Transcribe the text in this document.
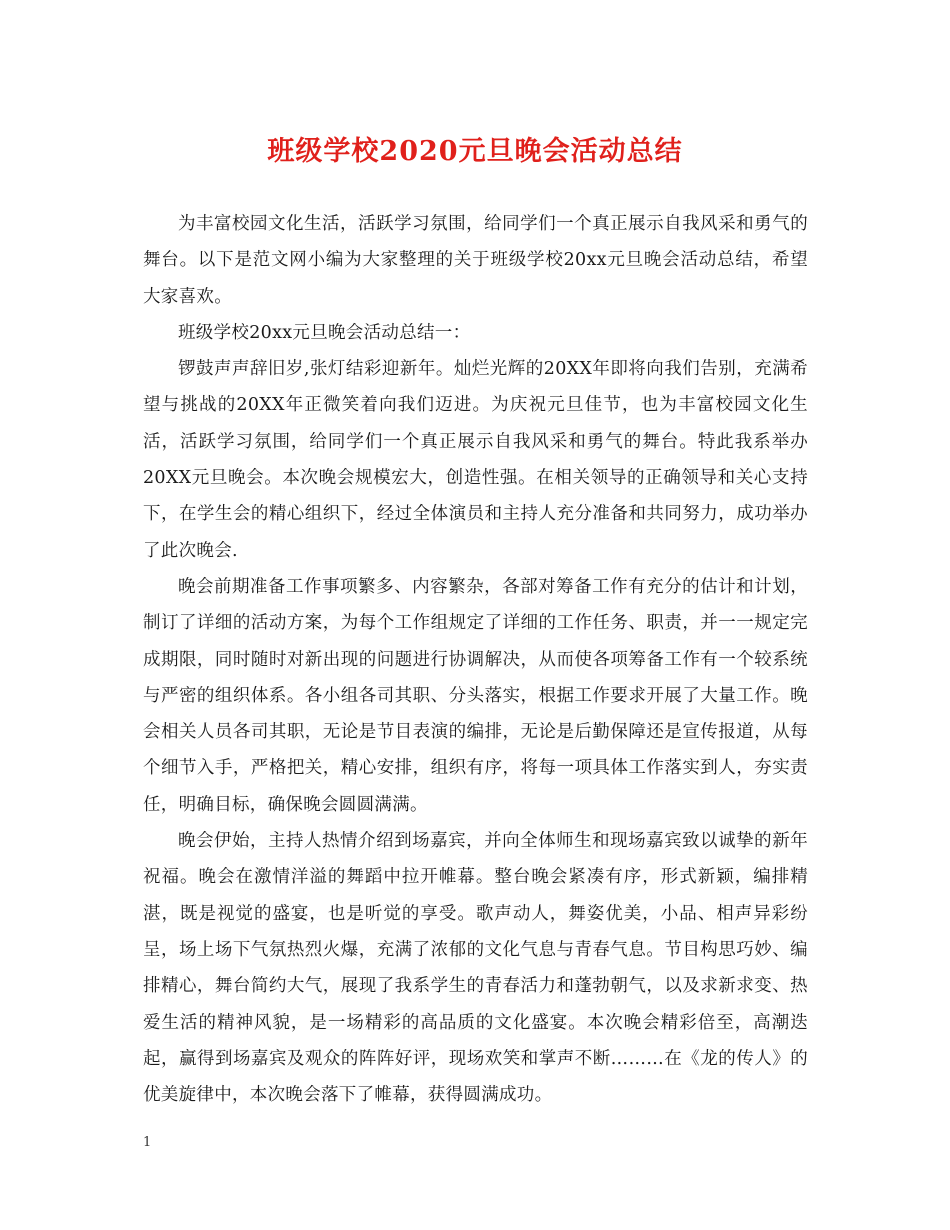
班级学校2020元旦晚会活动总结

为丰富校园文化生活，活跃学习氛围，给同学们一个真正展示自我风采和勇气的舞台。以下是范文网小编为大家整理的关于班级学校20xx元旦晚会活动总结，希望大家喜欢。

班级学校20xx元旦晚会活动总结一：

锣鼓声声辞旧岁,张灯结彩迎新年。灿烂光辉的20XX年即将向我们告别，充满希望与挑战的20XX年正微笑着向我们迈进。为庆祝元旦佳节，也为丰富校园文化生活，活跃学习氛围，给同学们一个真正展示自我风采和勇气的舞台。特此我系举办20XX元旦晚会。本次晚会规模宏大，创造性强。在相关领导的正确领导和关心支持下，在学生会的精心组织下，经过全体演员和主持人充分准备和共同努力，成功举办了此次晚会.

晚会前期准备工作事项繁多、内容繁杂，各部对筹备工作有充分的估计和计划，制订了详细的活动方案，为每个工作组规定了详细的工作任务、职责，并一一规定完成期限，同时随时对新出现的问题进行协调解决，从而使各项筹备工作有一个较系统与严密的组织体系。各小组各司其职、分头落实，根据工作要求开展了大量工作。晚会相关人员各司其职，无论是节目表演的编排，无论是后勤保障还是宣传报道，从每个细节入手，严格把关，精心安排，组织有序，将每一项具体工作落实到人，夯实责任，明确目标，确保晚会圆圆满满。

晚会伊始，主持人热情介绍到场嘉宾，并向全体师生和现场嘉宾致以诚挚的新年祝福。晚会在激情洋溢的舞蹈中拉开帷幕。整台晚会紧凑有序，形式新颖，编排精湛，既是视觉的盛宴，也是听觉的享受。歌声动人，舞姿优美，小品、相声异彩纷呈，场上场下气氛热烈火爆，充满了浓郁的文化气息与青春气息。节目构思巧妙、编排精心，舞台简约大气，展现了我系学生的青春活力和蓬勃朝气，以及求新求变、热爱生活的精神风貌，是一场精彩的高品质的文化盛宴。本次晚会精彩倍至，高潮迭起，赢得到场嘉宾及观众的阵阵好评，现场欢笑和掌声不断………在《龙的传人》的优美旋律中，本次晚会落下了帷幕，获得圆满成功。

1
